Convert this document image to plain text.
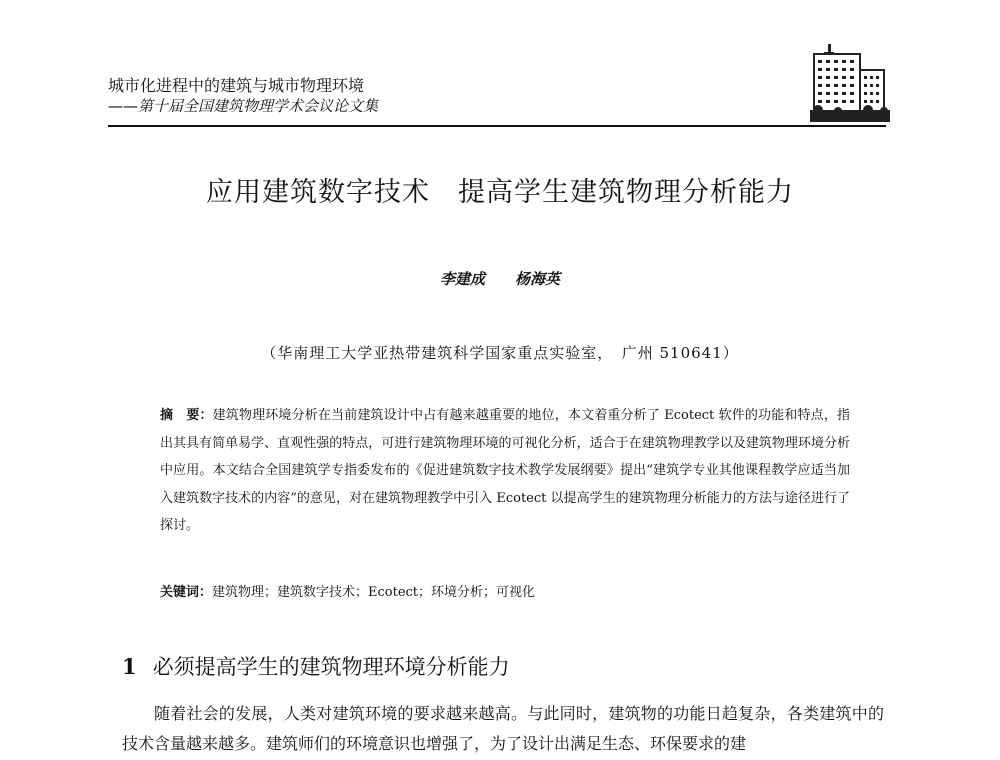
城市化进程中的建筑与城市物理环境
——第十届全国建筑物理学术会议论文集
应用建筑数字技术　提高学生建筑物理分析能力
李建成　　杨海英
（华南理工大学亚热带建筑科学国家重点实验室，　广州 510641）
摘　要：建筑物理环境分析在当前建筑设计中占有越来越重要的地位，本文着重分析了 Ecotect 软件的功能和特点，指出其具有简单易学、直观性强的特点，可进行建筑物理环境的可视化分析，适合于在建筑物理教学以及建筑物理环境分析中应用。本文结合全国建筑学专指委发布的《促进建筑数字技术教学发展纲要》提出“建筑学专业其他课程教学应适当加入建筑数字技术的内容”的意见，对在建筑物理教学中引入 Ecotect 以提高学生的建筑物理分析能力的方法与途径进行了探讨。
关键词：建筑物理；建筑数字技术；Ecotect；环境分析；可视化
1 必须提高学生的建筑物理环境分析能力
随着社会的发展，人类对建筑环境的要求越来越高。与此同时，建筑物的功能日趋复杂，各类建筑中的技术含量越来越多。建筑师们的环境意识也增强了，为了设计出满足生态、环保要求的建
